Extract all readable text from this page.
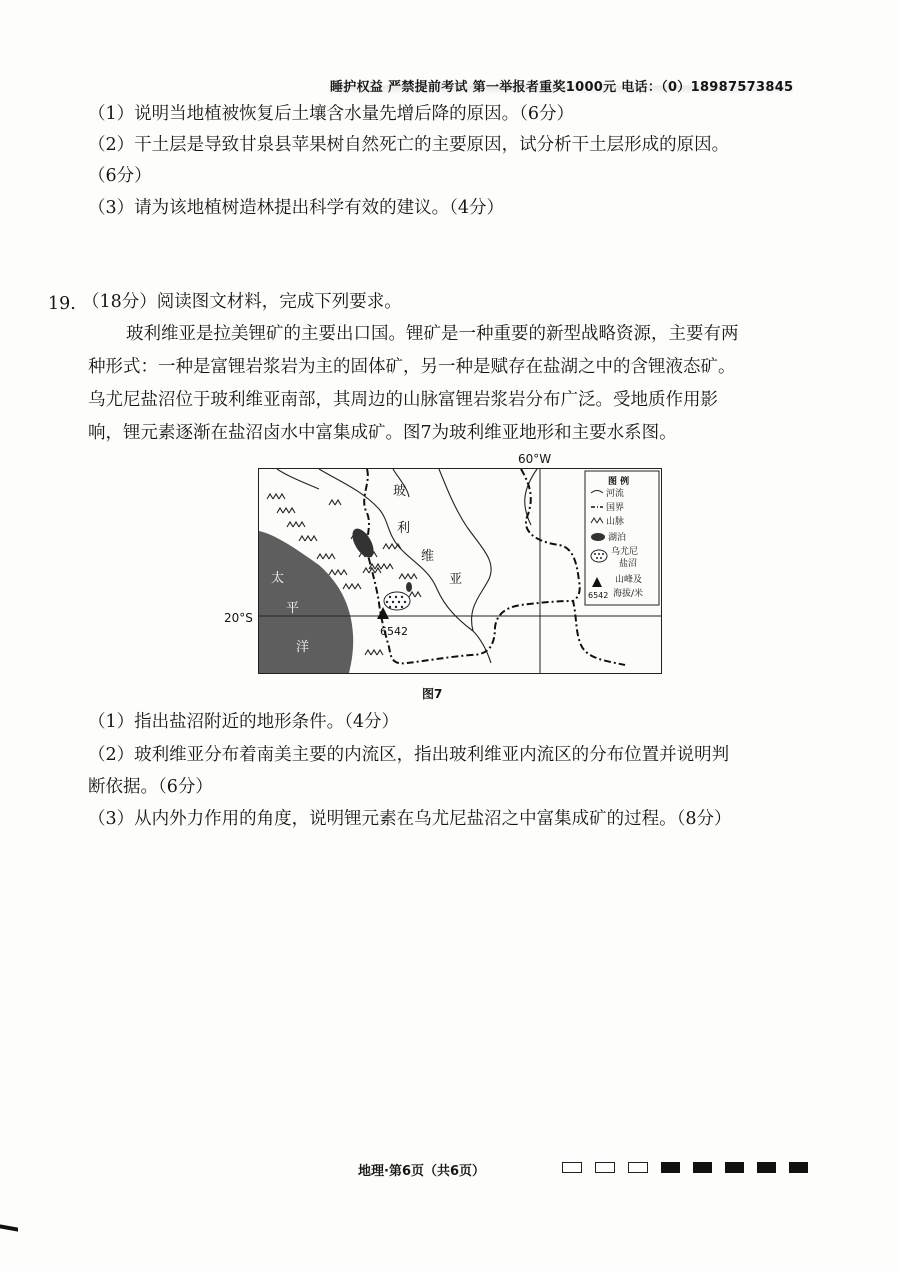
睡护权益 严禁提前考试 第一举报者重奖1000元 电话：（0）18987573845
（1）说明当地植被恢复后土壤含水量先增后降的原因。（6分）
（2）干土层是导致甘泉县苹果树自然死亡的主要原因，试分析干土层形成的原因。
（6分）
（3）请为该地植树造林提出科学有效的建议。（4分）
19. （18分）阅读图文材料，完成下列要求。
玻利维亚是拉美锂矿的主要出口国。锂矿是一种重要的新型战略资源，主要有两
种形式：一种是富锂岩浆岩为主的固体矿，另一种是赋存在盐湖之中的含锂液态矿。
乌尤尼盐沼位于玻利维亚南部，其周边的山脉富锂岩浆岩分布广泛。受地质作用影
响，锂元素逐渐在盐沼卤水中富集成矿。图7为玻利维亚地形和主要水系图。
60°W
20°S
太
平
洋
6542
玻
利
维
亚
图 例
河流
国界
山脉
湖泊
乌尤尼
盐沼
山峰及
6542 海拔/米
图7
（1）指出盐沼附近的地形条件。（4分）
（2）玻利维亚分布着南美主要的内流区，指出玻利维亚内流区的分布位置并说明判
断依据。（6分）
（3）从内外力作用的角度，说明锂元素在乌尤尼盐沼之中富集成矿的过程。（8分）
地理·第6页（共6页）
